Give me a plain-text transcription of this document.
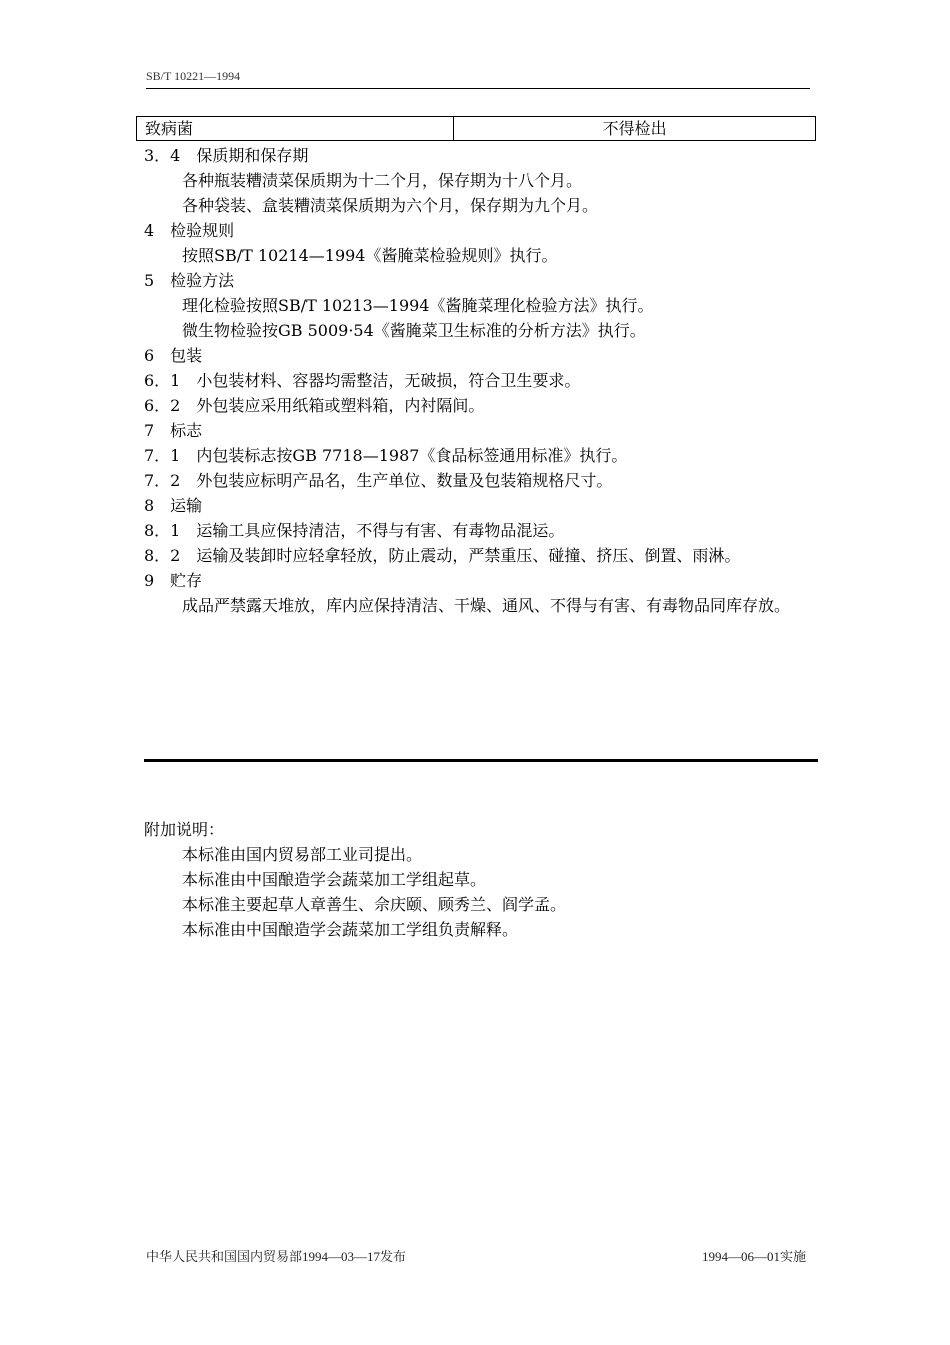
SB/T 10221—1994
致病菌	不得检出

3．4　保质期和保存期

各种瓶装糟渍菜保质期为十二个月，保存期为十八个月。

各种袋装、盒装糟渍菜保质期为六个月，保存期为九个月。

4　检验规则

按照SB/T 10214—1994《酱腌菜检验规则》执行。

5　检验方法

理化检验按照SB/T 10213—1994《酱腌菜理化检验方法》执行。

微生物检验按GB 5009·54《酱腌菜卫生标准的分析方法》执行。

6　包装

6．1　小包装材料、容器均需整洁，无破损，符合卫生要求。

6．2　外包装应采用纸箱或塑料箱，内衬隔间。

7　标志

7．1　内包装标志按GB 7718—1987《食品标签通用标准》执行。

7．2　外包装应标明产品名，生产单位、数量及包装箱规格尺寸。

8　运输

8．1　运输工具应保持清洁，不得与有害、有毒物品混运。

8．2　运输及装卸时应轻拿轻放，防止震动，严禁重压、碰撞、挤压、倒置、雨淋。

9　贮存

成品严禁露天堆放，库内应保持清洁、干燥、通风、不得与有害、有毒物品同库存放。

附加说明：

本标准由国内贸易部工业司提出。

本标准由中国酿造学会蔬菜加工学组起草。

本标准主要起草人章善生、佘庆颐、顾秀兰、阎学孟。

本标准由中国酿造学会蔬菜加工学组负责解释。

中华人民共和国国内贸易部1994—03—17发布	1994—06—01实施
